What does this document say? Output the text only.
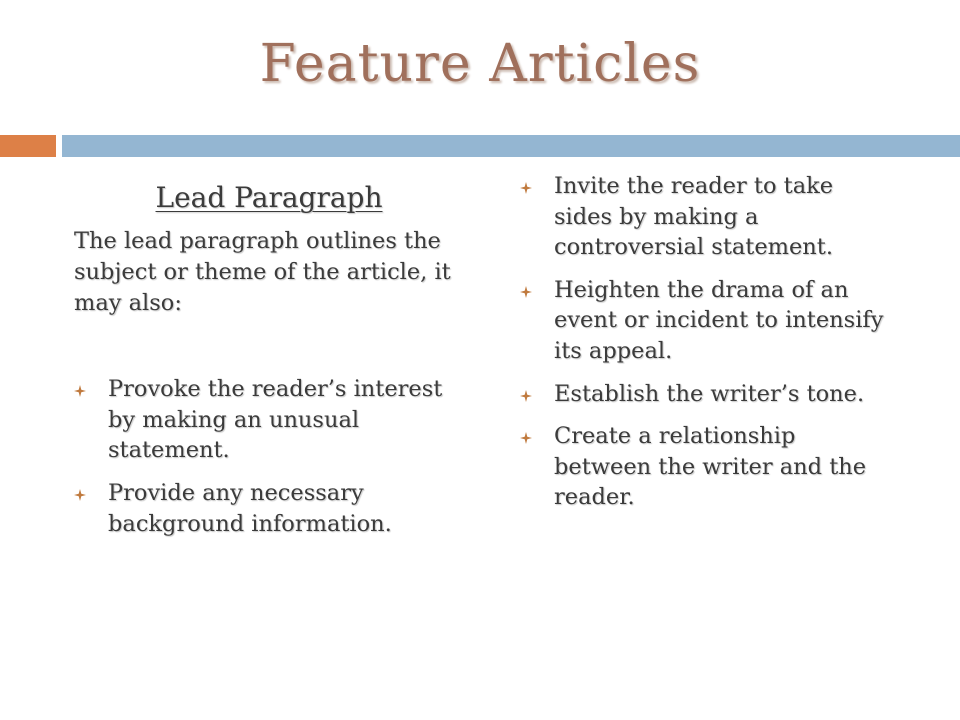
Feature Articles
Lead Paragraph
The lead paragraph outlines the subject or theme of the article, it may also:
Provoke the reader’s interest by making an unusual statement.
Provide any necessary background information.
Invite the reader to take sides by making a controversial statement.
Heighten the drama of an event or incident to intensify its appeal.
Establish the writer’s tone.
Create a relationship between the writer and the reader.
